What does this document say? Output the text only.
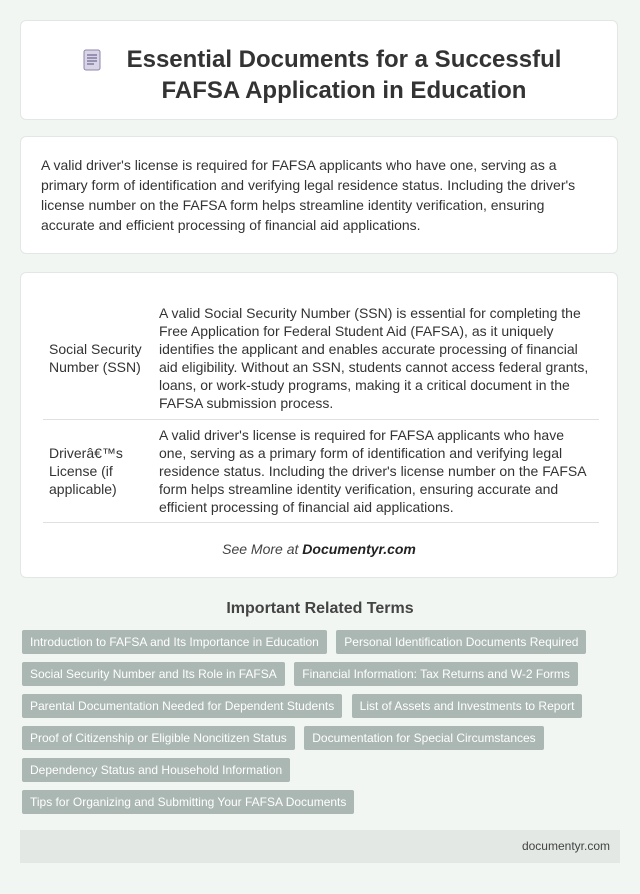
Essential Documents for a Successful FAFSA Application in Education

A valid driver's license is required for FAFSA applicants who have one, serving as a primary form of identification and verifying legal residence status. Including the driver's license number on the FAFSA form helps streamline identity verification, ensuring accurate and efficient processing of financial aid applications.

Social Security Number (SSN)	A valid Social Security Number (SSN) is essential for completing the Free Application for Federal Student Aid (FAFSA), as it uniquely identifies the applicant and enables accurate processing of financial aid eligibility. Without an SSN, students cannot access federal grants, loans, or work-study programs, making it a critical document in the FAFSA submission process.
Driverâ€™s License (if applicable)	A valid driver's license is required for FAFSA applicants who have one, serving as a primary form of identification and verifying legal residence status. Including the driver's license number on the FAFSA form helps streamline identity verification, ensuring accurate and efficient processing of financial aid applications.
See More at Documentyr.com
Important Related Terms
Introduction to FAFSA and Its Importance in Education Personal Identification Documents Required Social Security Number and Its Role in FAFSA Financial Information: Tax Returns and W-2 Forms Parental Documentation Needed for Dependent Students List of Assets and Investments to Report Proof of Citizenship or Eligible Noncitizen Status Documentation for Special Circumstances Dependency Status and Household Information Tips for Organizing and Submitting Your FAFSA Documents
documentyr.com
